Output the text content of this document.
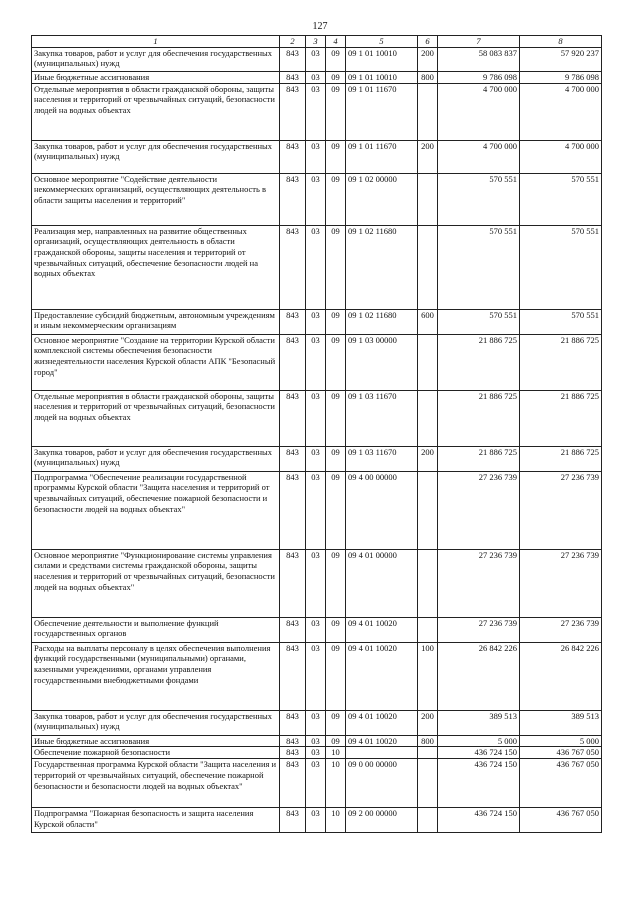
127
1	2	3	4	5	6	7	8
Закупка товаров, работ и услуг для обеспечения государственных (муниципальных) нужд	843	03	09	09 1 01 10010	200	58 083 837	57 920 237
Иные бюджетные ассигнования	843	03	09	09 1 01 10010	800	9 786 098	9 786 098
Отдельные мероприятия в области гражданской обороны, защиты населения и территорий от чрезвычайных ситуаций, безопасности людей на водных объектах	843	03	09	09 1 01 11670		4 700 000	4 700 000
Закупка товаров, работ и услуг для обеспечения государственных (муниципальных) нужд	843	03	09	09 1 01 11670	200	4 700 000	4 700 000
Основное мероприятие "Содействие деятельности некоммерческих организаций, осуществляющих деятельность в области защиты населения и территорий"	843	03	09	09 1 02 00000		570 551	570 551
Реализация мер, направленных на развитие общественных организаций, осуществляющих деятельность в области гражданской обороны, защиты населения и территорий от чрезвычайных ситуаций, обеспечение безопасности людей на водных объектах	843	03	09	09 1 02 11680		570 551	570 551
Предоставление субсидий бюджетным, автономным учреждениям и иным некоммерческим организациям	843	03	09	09 1 02 11680	600	570 551	570 551
Основное мероприятие "Создание на территории Курской области комплексной системы обеспечения безопасности жизнедеятельности населения Курской области АПК "Безопасный город"	843	03	09	09 1 03 00000		21 886 725	21 886 725
Отдельные мероприятия в области гражданской обороны, защиты населения и территорий от чрезвычайных ситуаций, безопасности людей на водных объектах	843	03	09	09 1 03 11670		21 886 725	21 886 725
Закупка товаров, работ и услуг для обеспечения государственных (муниципальных) нужд	843	03	09	09 1 03 11670	200	21 886 725	21 886 725
Подпрограмма "Обеспечение реализации государственной программы Курской области "Защита населения и территорий от чрезвычайных ситуаций, обеспечение пожарной безопасности и безопасности людей на водных объектах"	843	03	09	09 4 00 00000		27 236 739	27 236 739
Основное мероприятие "Функционирование системы управления силами и средствами системы гражданской обороны, защиты населения и территорий от чрезвычайных ситуаций, безопасности людей на водных объектах"	843	03	09	09 4 01 00000		27 236 739	27 236 739
Обеспечение деятельности и выполнение функций государственных органов	843	03	09	09 4 01 10020		27 236 739	27 236 739
Расходы на выплаты персоналу в целях обеспечения выполнения функций государственными (муниципальными) органами, казенными учреждениями, органами управления государственными внебюджетными фондами	843	03	09	09 4 01 10020	100	26 842 226	26 842 226
Закупка товаров, работ и услуг для обеспечения государственных (муниципальных) нужд	843	03	09	09 4 01 10020	200	389 513	389 513
Иные бюджетные ассигнования	843	03	09	09 4 01 10020	800	5 000	5 000
Обеспечение пожарной безопасности	843	03	10			436 724 150	436 767 050
Государственная программа Курской области "Защита населения и территорий от чрезвычайных ситуаций, обеспечение пожарной безопасности и безопасности людей на водных объектах"	843	03	10	09 0 00 00000		436 724 150	436 767 050
Подпрограмма "Пожарная безопасность и защита населения Курской области"	843	03	10	09 2 00 00000		436 724 150	436 767 050
